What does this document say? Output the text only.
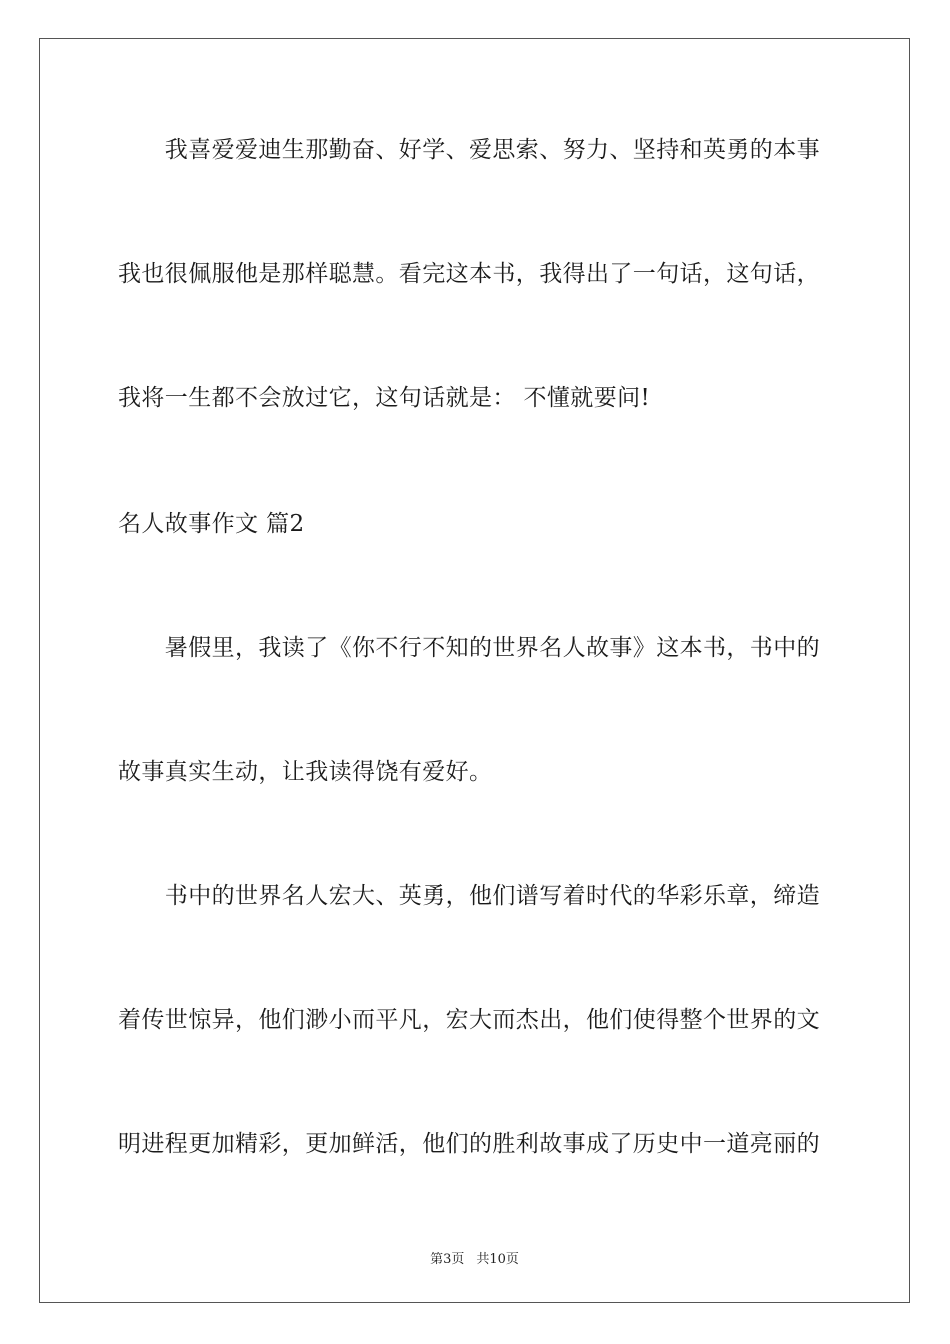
　　我喜爱爱迪生那勤奋、好学、爱思索、努力、坚持和英勇的本事
我也很佩服他是那样聪慧。看完这本书，我得出了一句话，这句话，
我将一生都不会放过它，这句话就是： 不懂就要问!
名人故事作文 篇2
　　暑假里，我读了《你不行不知的世界名人故事》这本书，书中的
故事真实生动，让我读得饶有爱好。
　　书中的世界名人宏大、英勇，他们谱写着时代的华彩乐章，缔造
着传世惊异，他们渺小而平凡，宏大而杰出，他们使得整个世界的文
明进程更加精彩，更加鲜活，他们的胜利故事成了历史中一道亮丽的
第3页 共10页
